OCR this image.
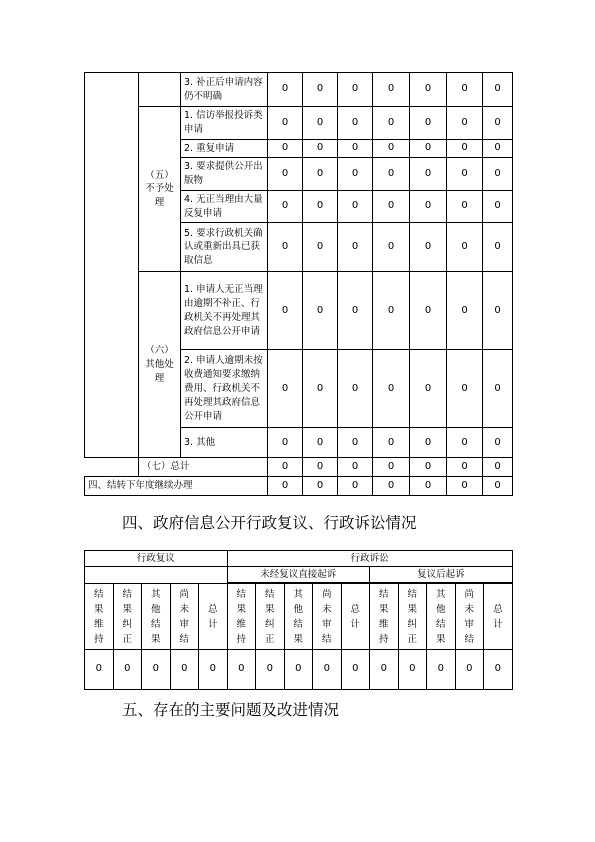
		3. 补正后申请内容仍不明确	0	0	0	0	0	0	0
	（五）不予处理	1. 信访举报投诉类申请	0	0	0	0	0	0	0
		2. 重复申请	0	0	0	0	0	0	0
		3. 要求提供公开出版物	0	0	0	0	0	0	0
		4. 无正当理由大量反复申请	0	0	0	0	0	0	0
		5. 要求行政机关确认或重新出具已获取信息	0	0	0	0	0	0	0
	（六）其他处理	1. 申请人无正当理由逾期不补正、行政机关不再处理其政府信息公开申请	0	0	0	0	0	0	0
		2. 申请人逾期未按收费通知要求缴纳费用、行政机关不再处理其政府信息公开申请	0	0	0	0	0	0	0
		3. 其他	0	0	0	0	0	0	0
	（七）总计		0	0	0	0	0	0	0
四、结转下年度继续办理			0	0	0	0	0	0	0
四、政府信息公开行政复议、行政诉讼情况
行政复议					行政诉讼									
					未经复议直接起诉					复议后起诉				

结
果
维
持	结
果
纠
正	其
他
结
果	尚
未
审
结	总
计	结
果
维
持	结
果
纠
正	其
他
结
果	尚
未
审
结	总
计	结
果
维
持	结
果
纠
正	其
他
结
果	尚
未
审
结	总
计
0	0	0	0	0	0	0	0	0	0	0	0	0	0	0
五、存在的主要问题及改进情况
